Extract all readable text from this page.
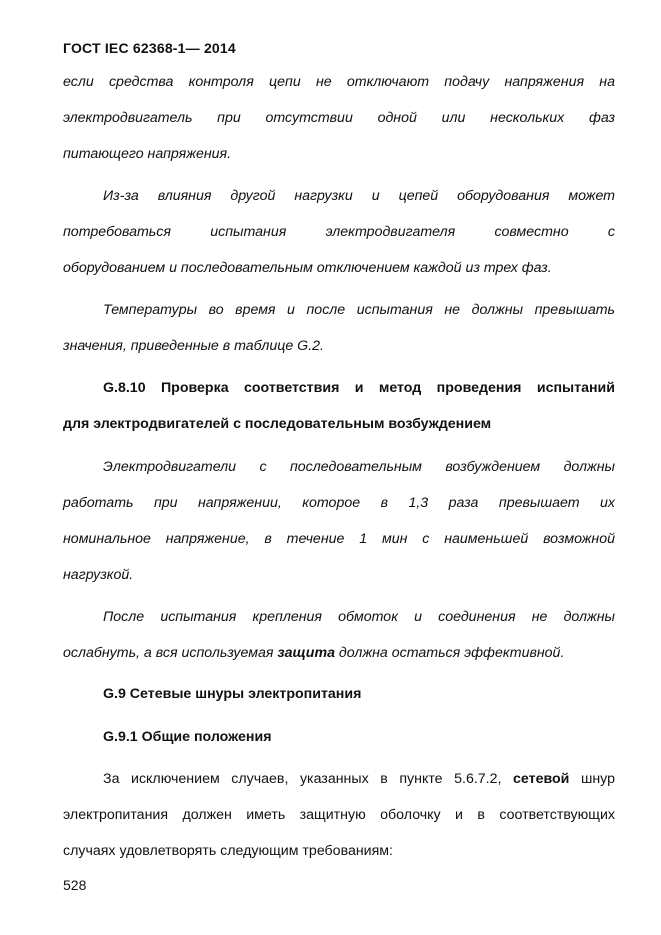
ГОСТ IEC 62368-1— 2014
если средства контроля цепи не отключают подачу напряжения на
электродвигатель при отсутствии одной или нескольких фаз
питающего напряжения.
Из-за влияния другой нагрузки и цепей оборудования может
потребоваться испытания электродвигателя совместно с
оборудованием и последовательным отключением каждой из трех фаз.
Температуры во время и после испытания не должны превышать
значения, приведенные в таблице G.2.
G.8.10 Проверка соответствия и метод проведения испытаний
для электродвигателей с последовательным возбуждением
Электродвигатели с последовательным возбуждением должны
работать при напряжении, которое в 1,3 раза превышает их
номинальное напряжение, в течение 1 мин с наименьшей возможной
нагрузкой.
После испытания крепления обмоток и соединения не должны
ослабнуть, а вся используемая защита должна остаться эффективной.
G.9 Сетевые шнуры электропитания
G.9.1 Общие положения
За исключением случаев, указанных в пункте 5.6.7.2, сетевой шнур
электропитания должен иметь защитную оболочку и в соответствующих
случаях удовлетворять следующим требованиям:
528
